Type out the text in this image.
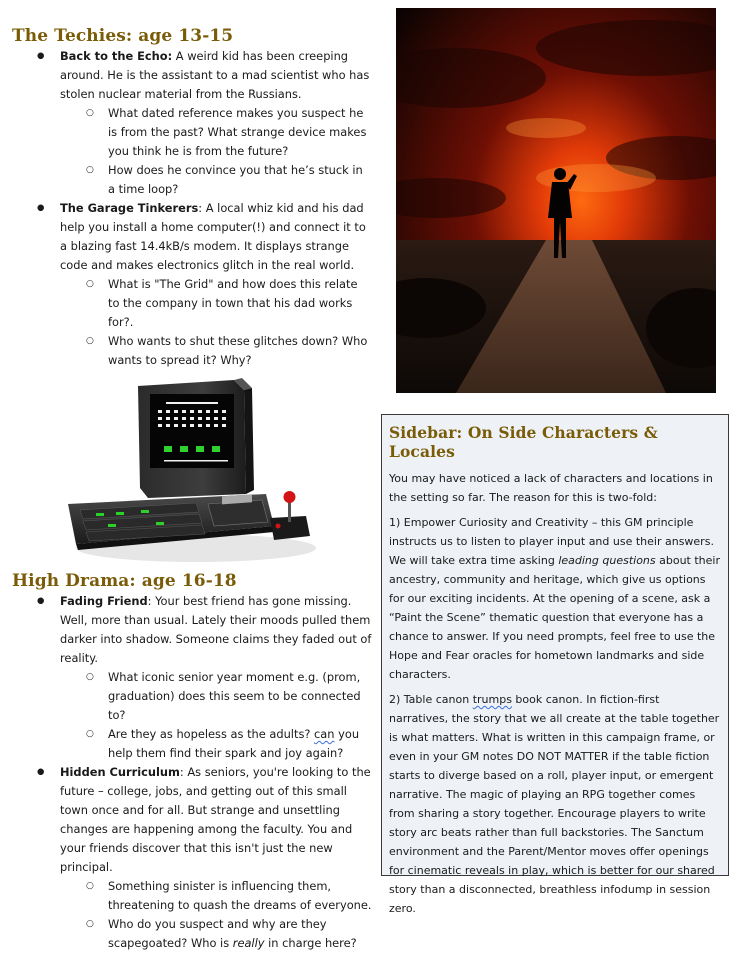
The Techies: age 13-15
● Back to the Echo: A weird kid has been creeping around. He is the assistant to a mad scientist who has stolen nuclear material from the Russians.
○ What dated reference makes you suspect he is from the past? What strange device makes you think he is from the future?
○ How does he convince you that he’s stuck in a time loop?
● The Garage Tinkerers: A local whiz kid and his dad help you install a home computer(!) and connect it to a blazing fast 14.4kB/s modem. It displays strange code and makes electronics glitch in the real world.
○ What is "The Grid" and how does this relate to the company in town that his dad works for?.
○ Who wants to shut these glitches down? Who wants to spread it? Why?
High Drama: age 16-18
● Fading Friend: Your best friend has gone missing. Well, more than usual. Lately their moods pulled them darker into shadow. Someone claims they faded out of reality.
○ What iconic senior year moment e.g. (prom, graduation) does this seem to be connected to?
○ Are they as hopeless as the adults? can you help them find their spark and joy again?
● Hidden Curriculum: As seniors, you're looking to the future – college, jobs, and getting out of this small town once and for all. But strange and unsettling changes are happening among the faculty. You and your friends discover that this isn't just the new principal.
○ Something sinister is influencing them, threatening to quash the dreams of everyone.
○ Who do you suspect and why are they scapegoated? Who is really in charge here?
Sidebar: On Side Characters & Locales

You may have noticed a lack of characters and locations in the setting so far. The reason for this is two-fold:

1) Empower Curiosity and Creativity – this GM principle instructs us to listen to player input and use their answers. We will take extra time asking leading questions about their ancestry, community and heritage, which give us options for our exciting incidents. At the opening of a scene, ask a “Paint the Scene” thematic question that everyone has a chance to answer. If you need prompts, feel free to use the Hope and Fear oracles for hometown landmarks and side characters.

2) Table canon trumps book canon. In fiction-first narratives, the story that we all create at the table together is what matters. What is written in this campaign frame, or even in your GM notes DO NOT MATTER if the table fiction starts to diverge based on a roll, player input, or emergent narrative. The magic of playing an RPG together comes from sharing a story together. Encourage players to write story arc beats rather than full backstories. The Sanctum environment and the Parent/Mentor moves offer openings for cinematic reveals in play, which is better for our shared story than a disconnected, breathless infodump in session zero.
